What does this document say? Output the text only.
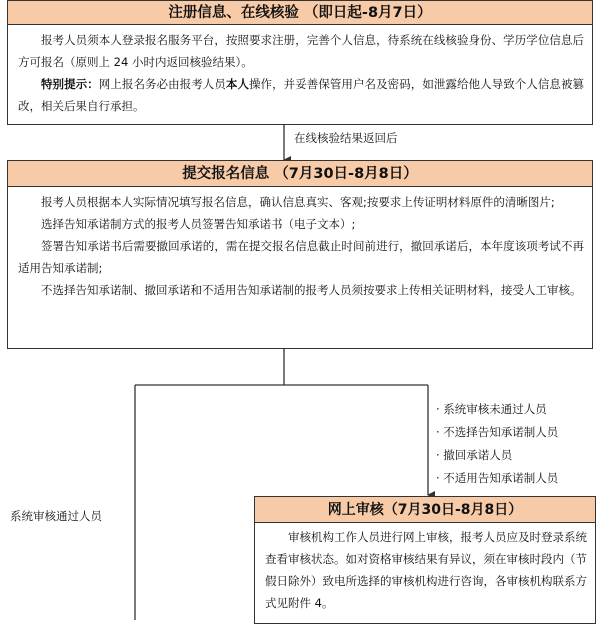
注册信息、在线核验 （即日起-8月7日）

报考人员须本人登录报名服务平台，按照要求注册，完善个人信息，待系统在线核验身份、学历学位信息后方可报名（原则上 24 小时内返回核验结果）。

特别提示：网上报名务必由报考人员本人操作，并妥善保管用户名及密码，如泄露给他人导致个人信息被篡改，相关后果自行承担。

在线核验结果返回后
提交报名信息 （7月30日-8月8日）

报考人员根据本人实际情况填写报名信息，确认信息真实、客观;按要求上传证明材料原件的清晰图片;

选择告知承诺制方式的报考人员签署告知承诺书（电子文本）;

签署告知承诺书后需要撤回承诺的，需在提交报名信息截止时间前进行，撤回承诺后，本年度该项考试不再适用告知承诺制;

不选择告知承诺制、撤回承诺和不适用告知承诺制的报考人员须按要求上传相关证明材料，接受人工审核。

· 系统审核未通过人员
· 不选择告知承诺制人员
· 撤回承诺人员
· 不适用告知承诺制人员
系统审核通过人员	网上审核（7月30日-8月8日）

审核机构工作人员进行网上审核，报考人员应及时登录系统查看审核状态。如对资格审核结果有异议，须在审核时段内（节假日除外）致电所选择的审核机构进行咨询，各审核机构联系方式见附件 4。
